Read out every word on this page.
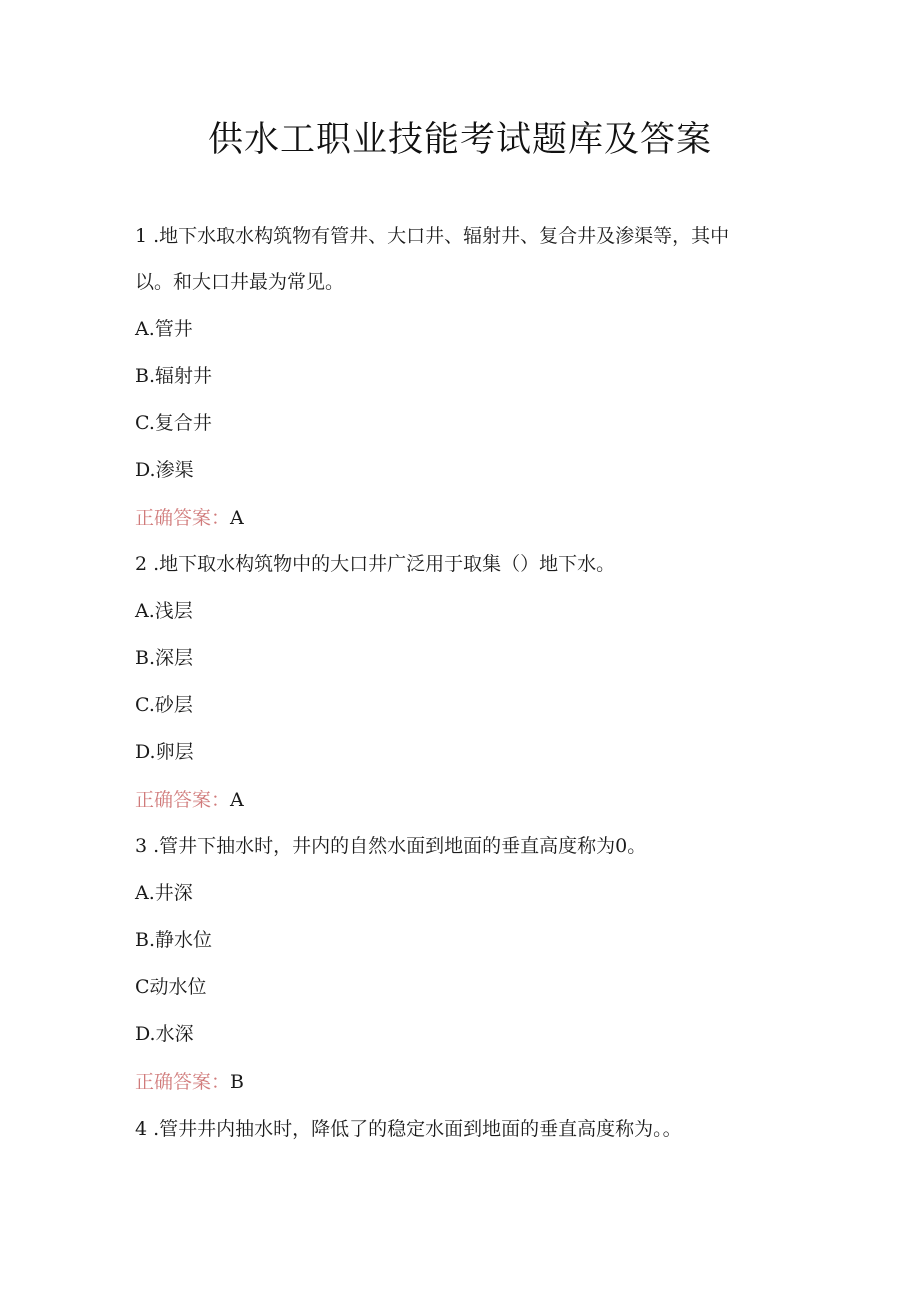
供水工职业技能考试题库及答案
1 .地下水取水构筑物有管井、大口井、辐射井、复合井及渗渠等，其中
以。和大口井最为常见。
A.管井
B.辐射井
C.复合井
D.渗渠
正确答案：A
2 .地下取水构筑物中的大口井广泛用于取集（）地下水。
A.浅层
B.深层
C.砂层
D.卵层
正确答案：A
3 .管井下抽水时，井内的自然水面到地面的垂直高度称为0。
A.井深
B.静水位
C动水位
D.水深
正确答案：B
4 .管井井内抽水时，降低了的稳定水面到地面的垂直高度称为。。
